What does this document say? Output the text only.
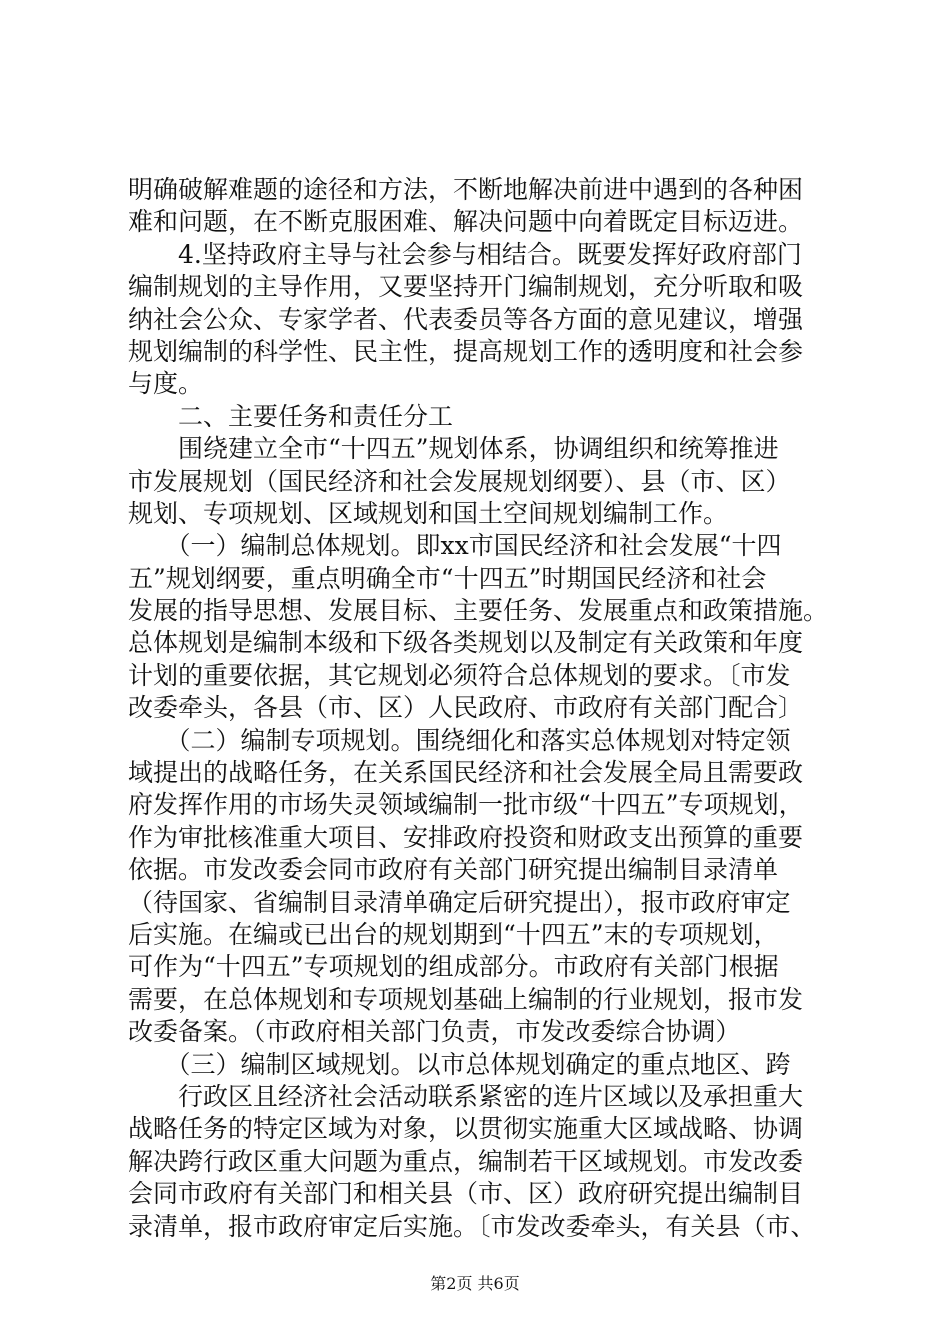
明确破解难题的途径和方法，不断地解决前进中遇到的各种困
难和问题，在不断克服困难、解决问题中向着既定目标迈进。
　　4.坚持政府主导与社会参与相结合。既要发挥好政府部门
编制规划的主导作用，又要坚持开门编制规划，充分听取和吸
纳社会公众、专家学者、代表委员等各方面的意见建议，增强
规划编制的科学性、民主性，提高规划工作的透明度和社会参
与度。
　　二、主要任务和责任分工
　　围绕建立全市“十四五”规划体系，协调组织和统筹推进
市发展规划（国民经济和社会发展规划纲要）、县（市、区）
规划、专项规划、区域规划和国土空间规划编制工作。
　　（一）编制总体规划。即xx市国民经济和社会发展“十四
五”规划纲要，重点明确全市“十四五”时期国民经济和社会
发展的指导思想、发展目标、主要任务、发展重点和政策措施。
总体规划是编制本级和下级各类规划以及制定有关政策和年度
计划的重要依据，其它规划必须符合总体规划的要求。〔市发
改委牵头，各县（市、区）人民政府、市政府有关部门配合〕
　　（二）编制专项规划。围绕细化和落实总体规划对特定领
域提出的战略任务，在关系国民经济和社会发展全局且需要政
府发挥作用的市场失灵领域编制一批市级“十四五”专项规划，
作为审批核准重大项目、安排政府投资和财政支出预算的重要
依据。市发改委会同市政府有关部门研究提出编制目录清单
（待国家、省编制目录清单确定后研究提出），报市政府审定
后实施。在编或已出台的规划期到“十四五”末的专项规划，
可作为“十四五”专项规划的组成部分。市政府有关部门根据
需要，在总体规划和专项规划基础上编制的行业规划，报市发
改委备案。（市政府相关部门负责，市发改委综合协调）
　　（三）编制区域规划。以市总体规划确定的重点地区、跨
　　行政区且经济社会活动联系紧密的连片区域以及承担重大
战略任务的特定区域为对象，以贯彻实施重大区域战略、协调
解决跨行政区重大问题为重点，编制若干区域规划。市发改委
会同市政府有关部门和相关县（市、区）政府研究提出编制目
录清单，报市政府审定后实施。〔市发改委牵头，有关县（市、
第2页 共6页
